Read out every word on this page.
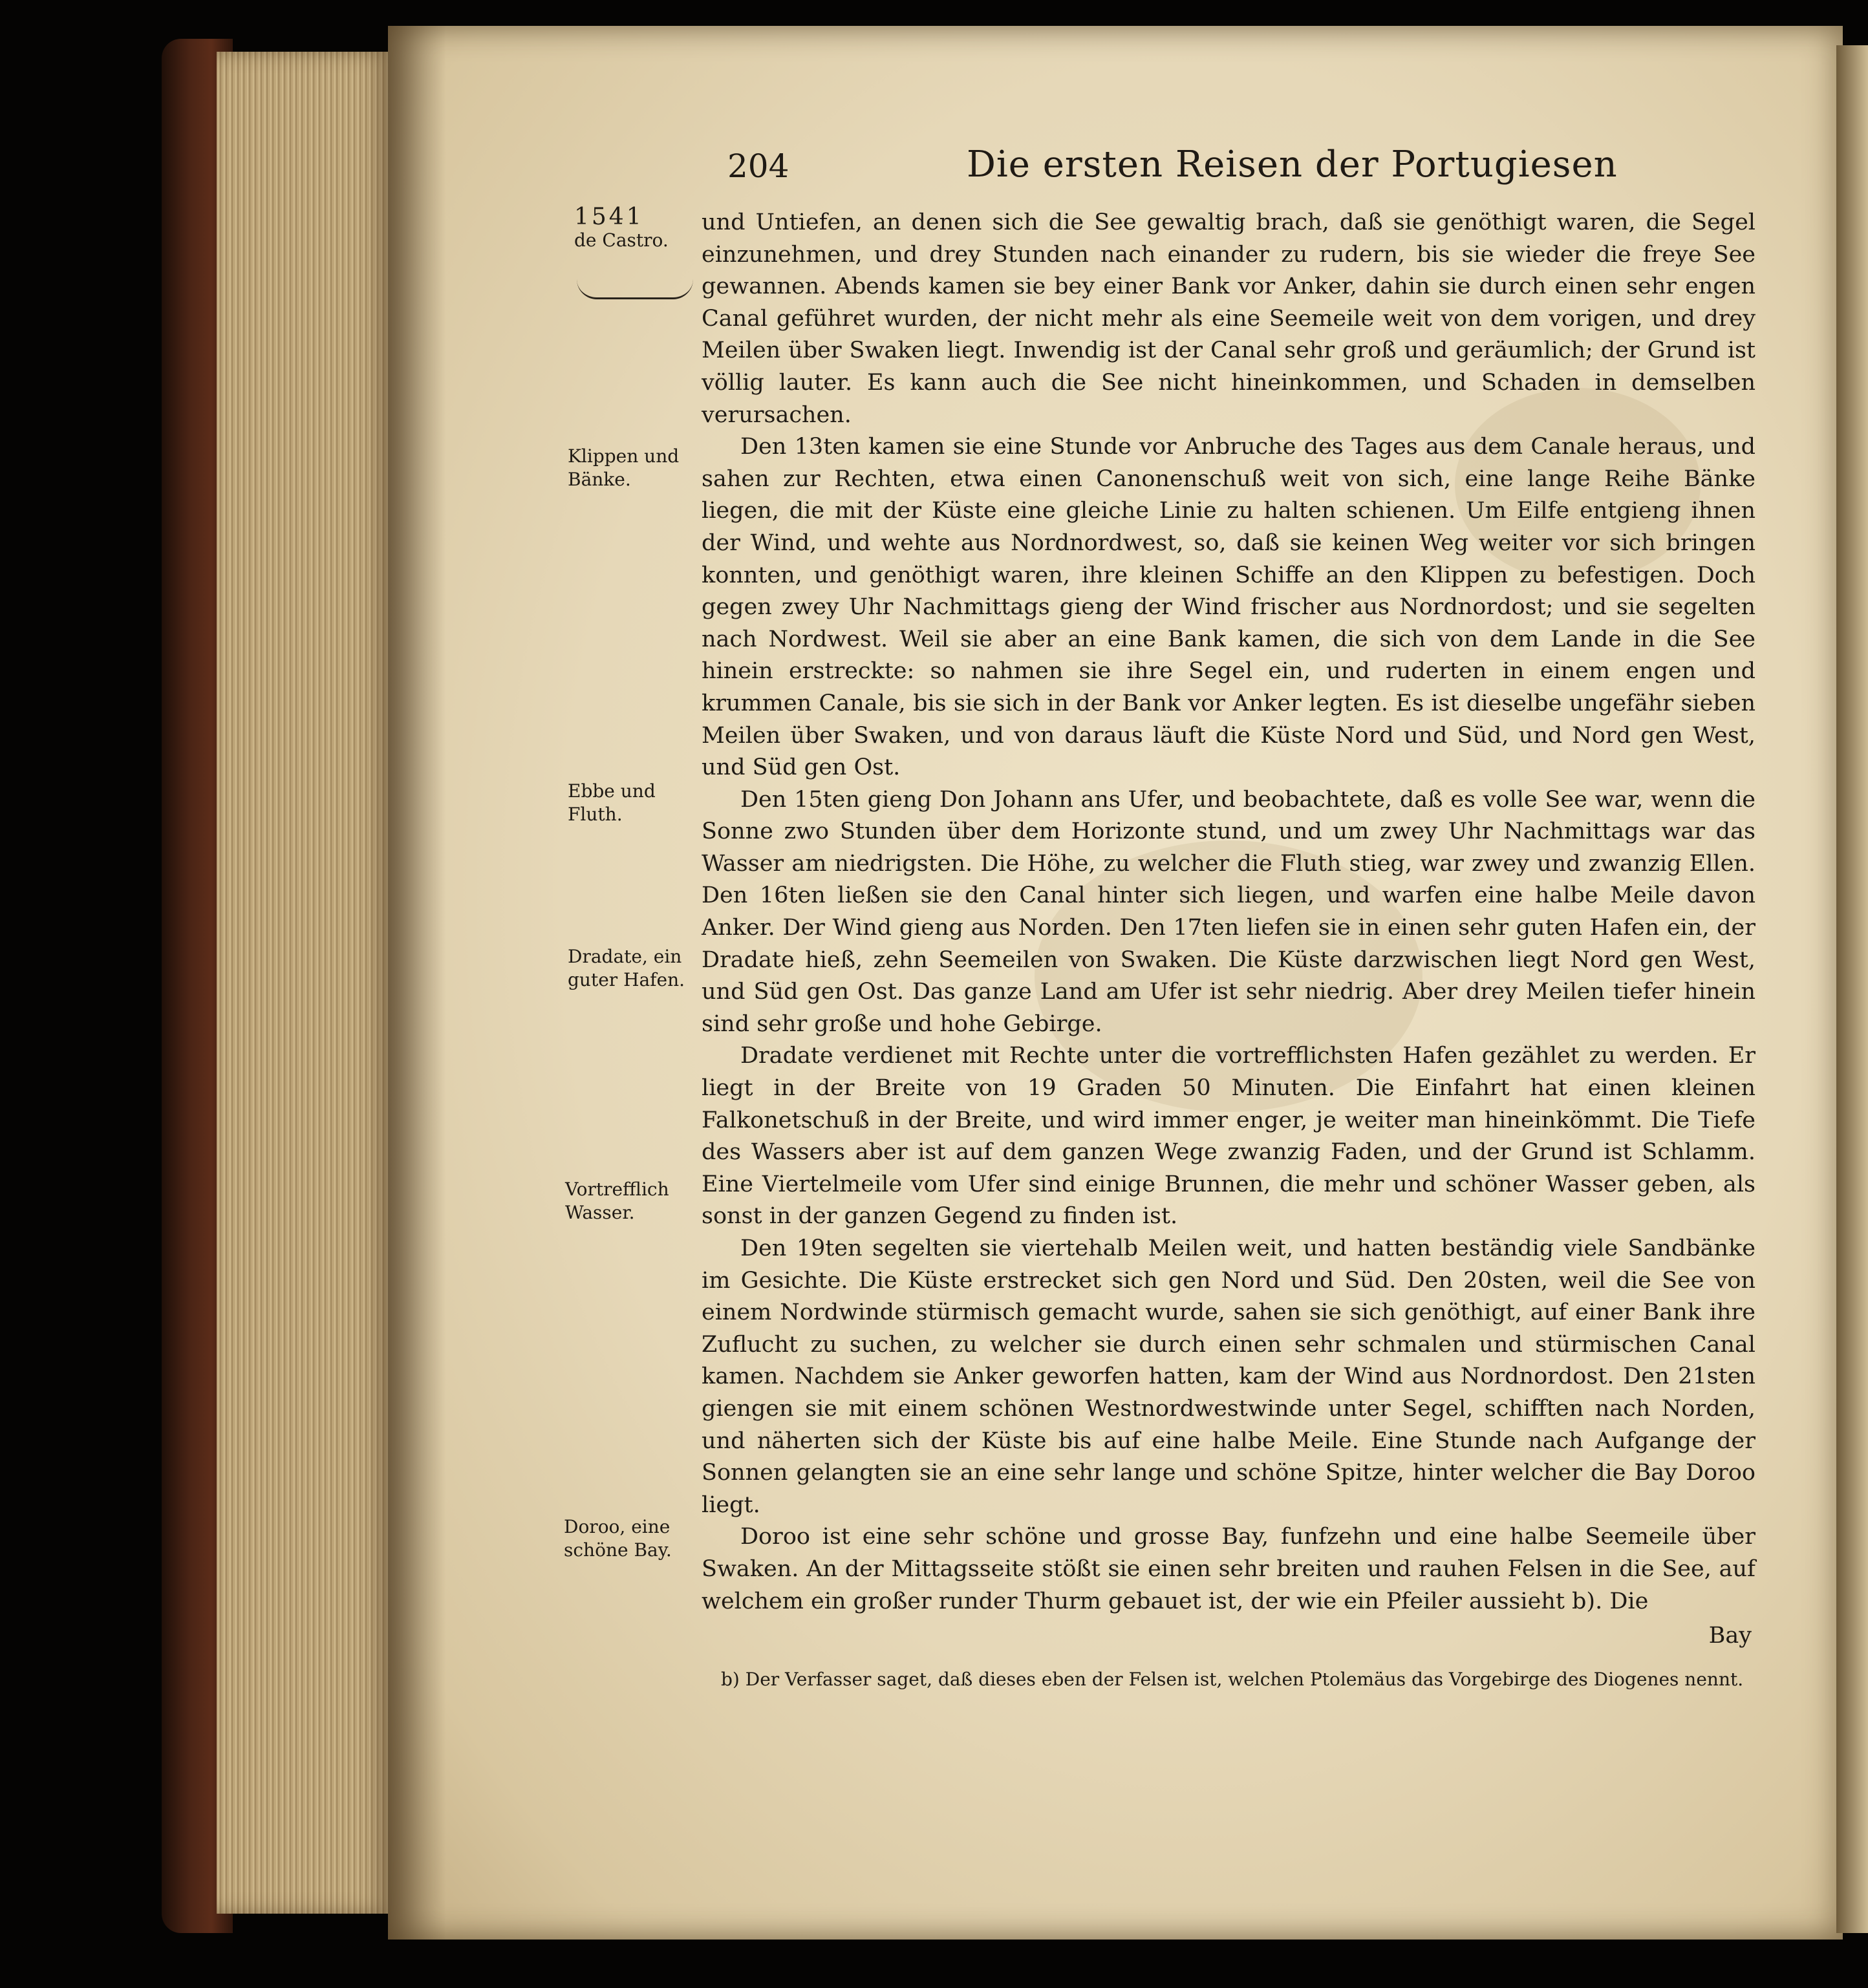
204	Die ersten Reisen der Portugiesen
1541
de Castro.
Klippen und
Bänke.
Ebbe und
Fluth.
Dradate, ein
guter Hafen.
Vortrefflich
Wasser.
Doroo, eine
schöne Bay.

und Untiefen, an denen sich die See gewaltig brach, daß sie genöthigt waren, die Segel einzunehmen, und drey Stunden nach einander zu rudern, bis sie wieder die freye See gewannen. Abends kamen sie bey einer Bank vor Anker, dahin sie durch einen sehr engen Canal geführet wurden, der nicht mehr als eine Seemeile weit von dem vorigen, und drey Meilen über Swaken liegt. Inwendig ist der Canal sehr groß und geräumlich; der Grund ist völlig lauter. Es kann auch die See nicht hineinkommen, und Schaden in demselben verursachen.

Den 13ten kamen sie eine Stunde vor Anbruche des Tages aus dem Canale heraus, und sahen zur Rechten, etwa einen Canonenschuß weit von sich, eine lange Reihe Bänke liegen, die mit der Küste eine gleiche Linie zu halten schienen. Um Eilfe entgieng ihnen der Wind, und wehte aus Nordnordwest, so, daß sie keinen Weg weiter vor sich bringen konnten, und genöthigt waren, ihre kleinen Schiffe an den Klippen zu befestigen. Doch gegen zwey Uhr Nachmittags gieng der Wind frischer aus Nordnordost; und sie segelten nach Nordwest. Weil sie aber an eine Bank kamen, die sich von dem Lande in die See hinein erstreckte: so nahmen sie ihre Segel ein, und ruderten in einem engen und krummen Canale, bis sie sich in der Bank vor Anker legten. Es ist dieselbe ungefähr sieben Meilen über Swaken, und von daraus läuft die Küste Nord und Süd, und Nord gen West, und Süd gen Ost.

Den 15ten gieng Don Johann ans Ufer, und beobachtete, daß es volle See war, wenn die Sonne zwo Stunden über dem Horizonte stund, und um zwey Uhr Nachmittags war das Wasser am niedrigsten. Die Höhe, zu welcher die Fluth stieg, war zwey und zwanzig Ellen. Den 16ten ließen sie den Canal hinter sich liegen, und warfen eine halbe Meile davon Anker. Der Wind gieng aus Norden. Den 17ten liefen sie in einen sehr guten Hafen ein, der Dradate hieß, zehn Seemeilen von Swaken. Die Küste darzwischen liegt Nord gen West, und Süd gen Ost. Das ganze Land am Ufer ist sehr niedrig. Aber drey Meilen tiefer hinein sind sehr große und hohe Gebirge.

Dradate verdienet mit Rechte unter die vortrefflichsten Hafen gezählet zu werden. Er liegt in der Breite von 19 Graden 50 Minuten. Die Einfahrt hat einen kleinen Falkonetschuß in der Breite, und wird immer enger, je weiter man hineinkömmt. Die Tiefe des Wassers aber ist auf dem ganzen Wege zwanzig Faden, und der Grund ist Schlamm. Eine Viertelmeile vom Ufer sind einige Brunnen, die mehr und schöner Wasser geben, als sonst in der ganzen Gegend zu finden ist.

Den 19ten segelten sie viertehalb Meilen weit, und hatten beständig viele Sandbänke im Gesichte. Die Küste erstrecket sich gen Nord und Süd. Den 20sten, weil die See von einem Nordwinde stürmisch gemacht wurde, sahen sie sich genöthigt, auf einer Bank ihre Zuflucht zu suchen, zu welcher sie durch einen sehr schmalen und stürmischen Canal kamen. Nachdem sie Anker geworfen hatten, kam der Wind aus Nordnordost. Den 21sten giengen sie mit einem schönen Westnordwestwinde unter Segel, schifften nach Norden, und näherten sich der Küste bis auf eine halbe Meile. Eine Stunde nach Aufgange der Sonnen gelangten sie an eine sehr lange und schöne Spitze, hinter welcher die Bay Doroo liegt.

Doroo ist eine sehr schöne und grosse Bay, funfzehn und eine halbe Seemeile über Swaken. An der Mittagsseite stößt sie einen sehr breiten und rauhen Felsen in die See, auf welchem ein großer runder Thurm gebauet ist, der wie ein Pfeiler aussieht b). Die

Bay

b) Der Verfasser saget, daß dieses eben der Felsen ist, welchen Ptolemäus das Vorgebirge des Diogenes nennt.
